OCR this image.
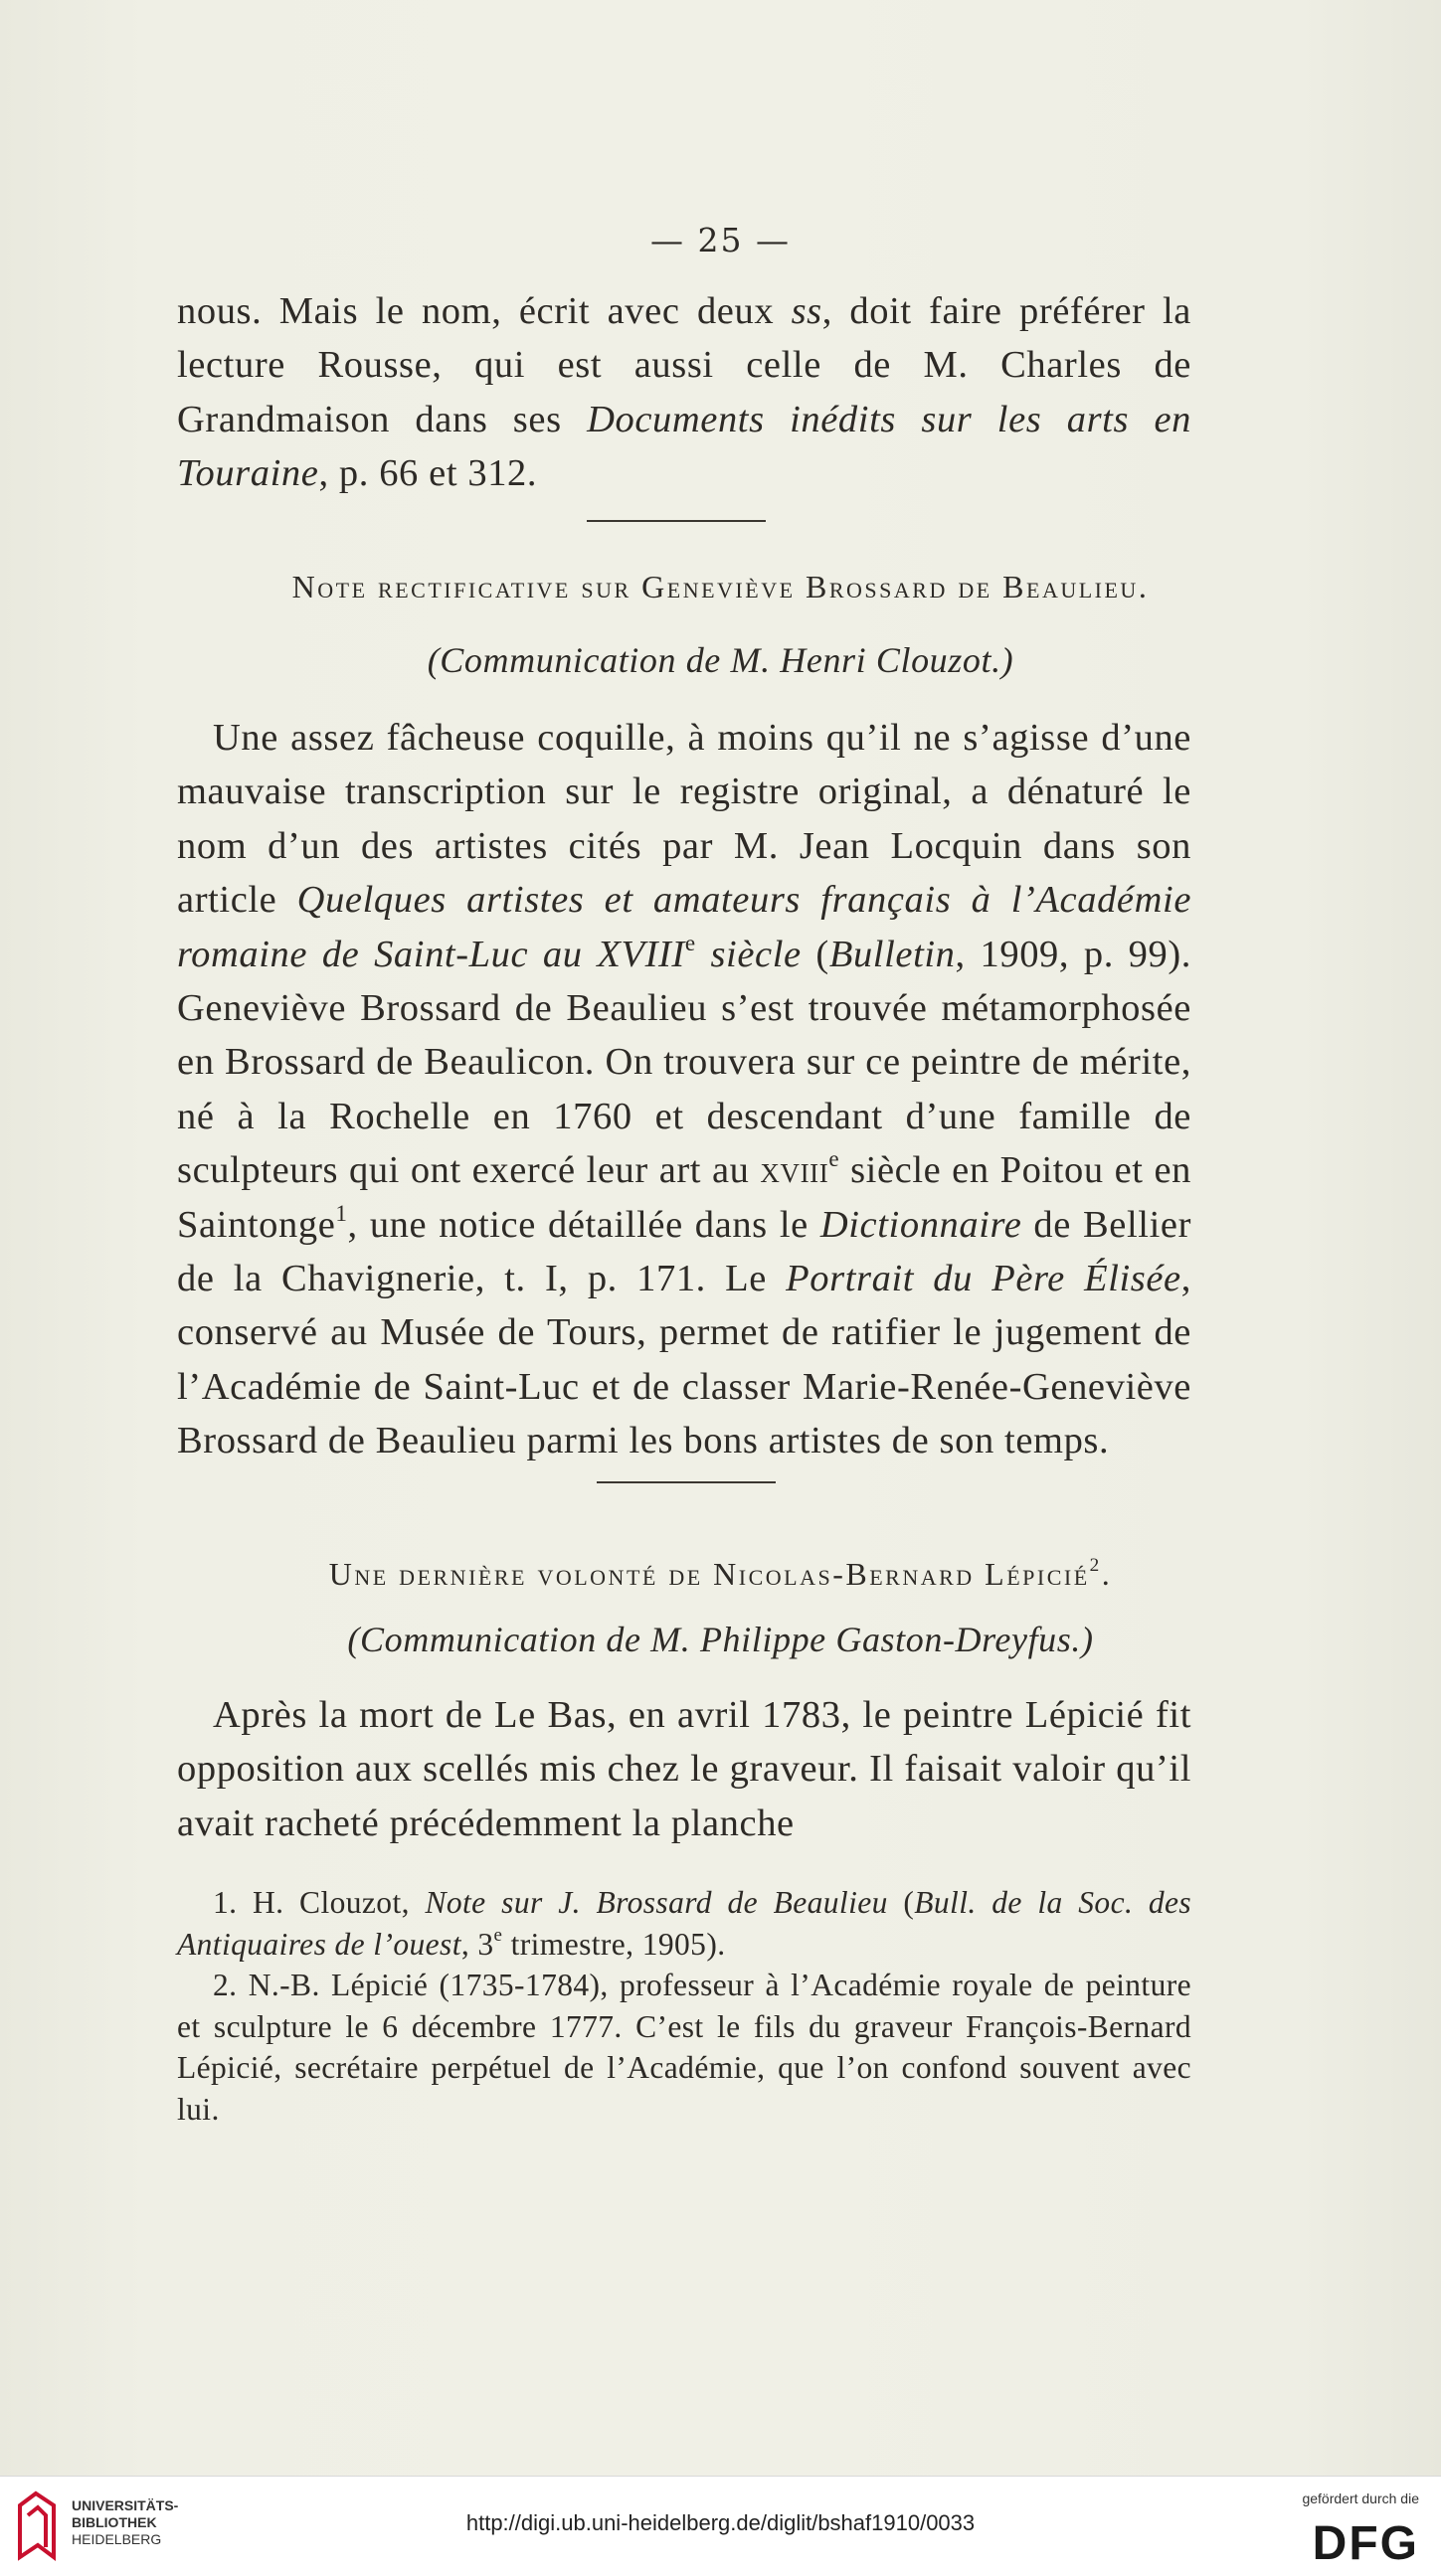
— 25 —

nous. Mais le nom, écrit avec deux ss, doit faire préférer la lecture Rousse, qui est aussi celle de M. Charles de Grandmaison dans ses Documents inédits sur les arts en Touraine, p. 66 et 312.

Note rectificative sur Geneviève Brossard de Beaulieu.
(Communication de M. Henri Clouzot.)

Une assez fâcheuse coquille, à moins qu’il ne s’agisse d’une mauvaise transcription sur le registre original, a dénaturé le nom d’un des artistes cités par M. Jean Locquin dans son article Quelques artistes et amateurs français à l’Académie romaine de Saint-Luc au XVIIIe siècle (Bulletin, 1909, p. 99). Geneviève Brossard de Beaulieu s’est trouvée métamorphosée en Brossard de Beaulicon. On trouvera sur ce peintre de mérite, né à la Rochelle en 1760 et descendant d’une famille de sculpteurs qui ont exercé leur art au xviii$^e$ siècle en Poitou et en Saintonge$^1$, une notice détaillée dans le Dictionnaire de Bellier de la Chavignerie, t. I, p. 171. Le Portrait du Père Élisée, conservé au Musée de Tours, permet de ratifier le jugement de l’Académie de Saint-Luc et de classer Marie-Renée-Geneviève Brossard de Beaulieu parmi les bons artistes de son temps.

Une dernière volonté de Nicolas-Bernard Lépicié$^2$.
(Communication de M. Philippe Gaston-Dreyfus.)

Après la mort de Le Bas, en avril 1783, le peintre Lépicié fit opposition aux scellés mis chez le graveur. Il faisait valoir qu’il avait racheté précédemment la planche

1. H. Clouzot, Note sur J. Brossard de Beaulieu (Bull. de la Soc. des Antiquaires de l’ouest, 3e trimestre, 1905).

2. N.-B. Lépicié (1735-1784), professeur à l’Académie royale de peinture et sculpture le 6 décembre 1777. C’est le fils du graveur François-Bernard Lépicié, secrétaire perpétuel de l’Académie, que l’on confond souvent avec lui.

UNIVERSITÄTS-
BIBLIOTHEK
HEIDELBERG
http://digi.ub.uni-heidelberg.de/diglit/bshaf1910/0033
gefördert durch die
DFG
